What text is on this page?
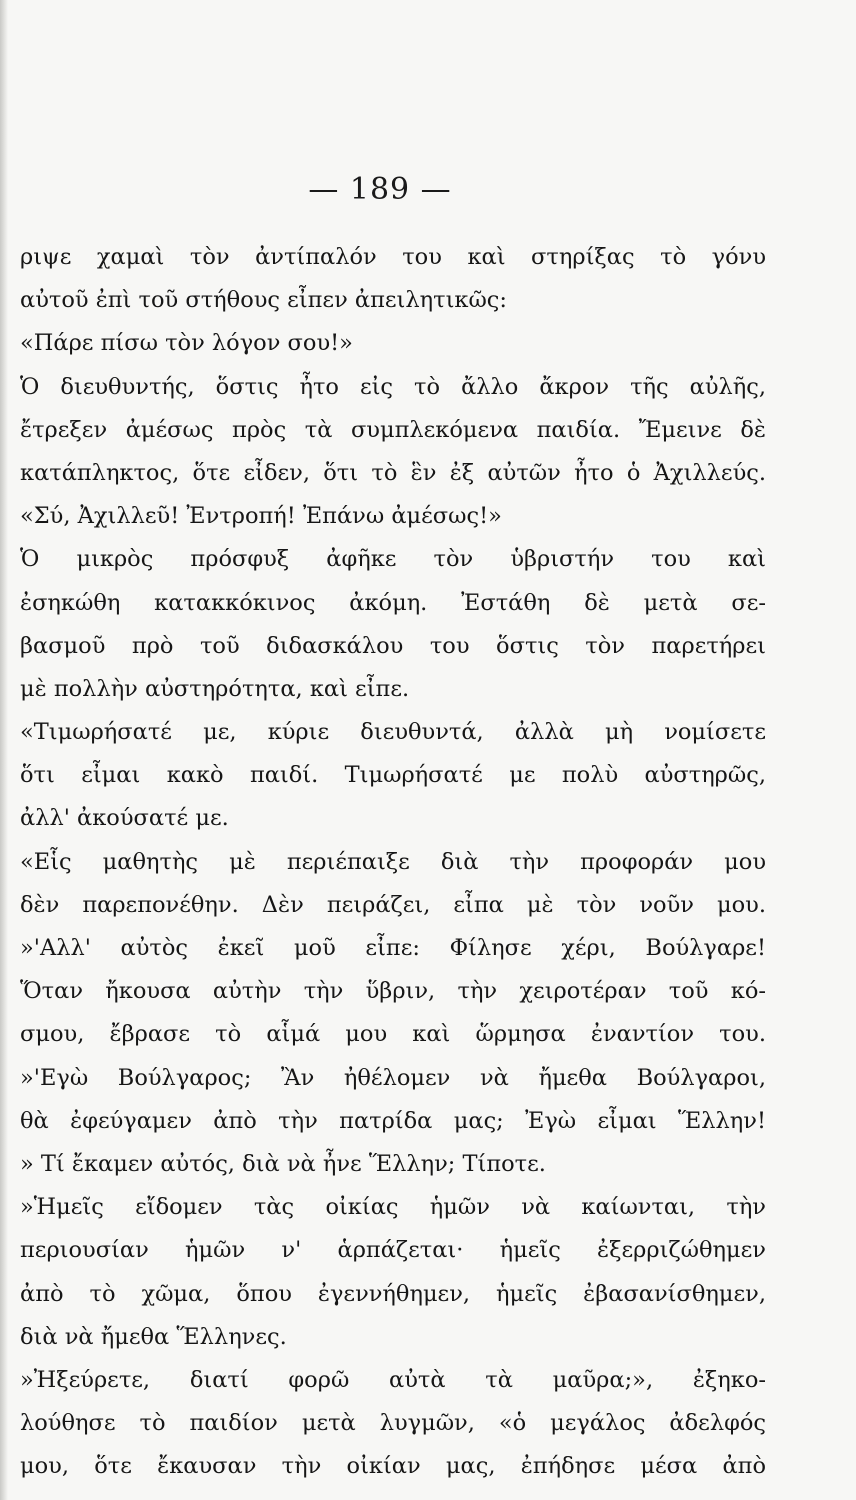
— 189 —
ριψε χαμαὶ τὸν ἀντίπαλόν του καὶ στηρίξας τὸ γόνυ
αὐτοῦ ἐπὶ τοῦ στήθους εἶπεν ἀπειλητικῶς:
«Πάρε πίσω τὸν λόγον σου!»
Ὁ διευθυντής, ὅστις ἦτο εἰς τὸ ἄλλο ἄκρον τῆς αὐλῆς,
ἔτρεξεν ἀμέσως πρὸς τὰ συμπλεκόμενα παιδία. Ἔμεινε δὲ
κατάπληκτος, ὅτε εἶδεν, ὅτι τὸ ἓν ἐξ αὐτῶν ἦτο ὁ Ἀχιλλεύς.
«Σύ, Ἀχιλλεῦ! Ἐντροπή! Ἐπάνω ἀμέσως!»
Ὁ μικρὸς πρόσφυξ ἀφῆκε τὸν ὑβριστήν του καὶ
ἐσηκώθη κατακκόκινος ἀκόμη. Ἐστάθη δὲ μετὰ σε-
βασμοῦ πρὸ τοῦ διδασκάλου του ὅστις τὸν παρετήρει
μὲ πολλὴν αὐστηρότητα, καὶ εἶπε.
«Τιμωρήσατέ με, κύριε διευθυντά, ἀλλὰ μὴ νομίσετε
ὅτι εἶμαι κακὸ παιδί. Τιμωρήσατέ με πολὺ αὐστηρῶς,
ἀλλ' ἀκούσατέ με.
«Εἷς μαθητὴς μὲ περιέπαιξε διὰ τὴν προφοράν μου
δὲν παρεπονέθην. Δὲν πειράζει, εἶπα μὲ τὸν νοῦν μου.
»'Αλλ' αὐτὸς ἐκεῖ μοῦ εἶπε: Φίλησε χέρι, Βούλγαρε!
Ὅταν ἤκουσα αὐτὴν τὴν ὕβριν, τὴν χειροτέραν τοῦ κό-
σμου, ἔβρασε τὸ αἷμά μου καὶ ὥρμησα ἐναντίον του.
»'Εγὼ Βούλγαρος; Ἂν ἠθέλομεν νὰ ἤμεθα Βούλγαροι,
θὰ ἐφεύγαμεν ἀπὸ τὴν πατρίδα μας; Ἐγὼ εἶμαι Ἕλλην!
» Τί ἔκαμεν αὐτός, διὰ νὰ ἦνε Ἕλλην; Τίποτε.
»Ἡμεῖς εἴδομεν τὰς οἰκίας ἡμῶν νὰ καίωνται, τὴν
περιουσίαν ἡμῶν ν' ἁρπάζεται· ἡμεῖς ἐξερριζώθημεν
ἀπὸ τὸ χῶμα, ὅπου ἐγεννήθημεν, ἡμεῖς ἐβασανίσθημεν,
διὰ νὰ ἤμεθα Ἕλληνες.
»Ἠξεύρετε, διατί φορῶ αὐτὰ τὰ μαῦρα;», ἐξηκο-
λούθησε τὸ παιδίον μετὰ λυγμῶν, «ὁ μεγάλος ἀδελφός
μου, ὅτε ἔκαυσαν τὴν οἰκίαν μας, ἐπήδησε μέσα ἀπὸ
